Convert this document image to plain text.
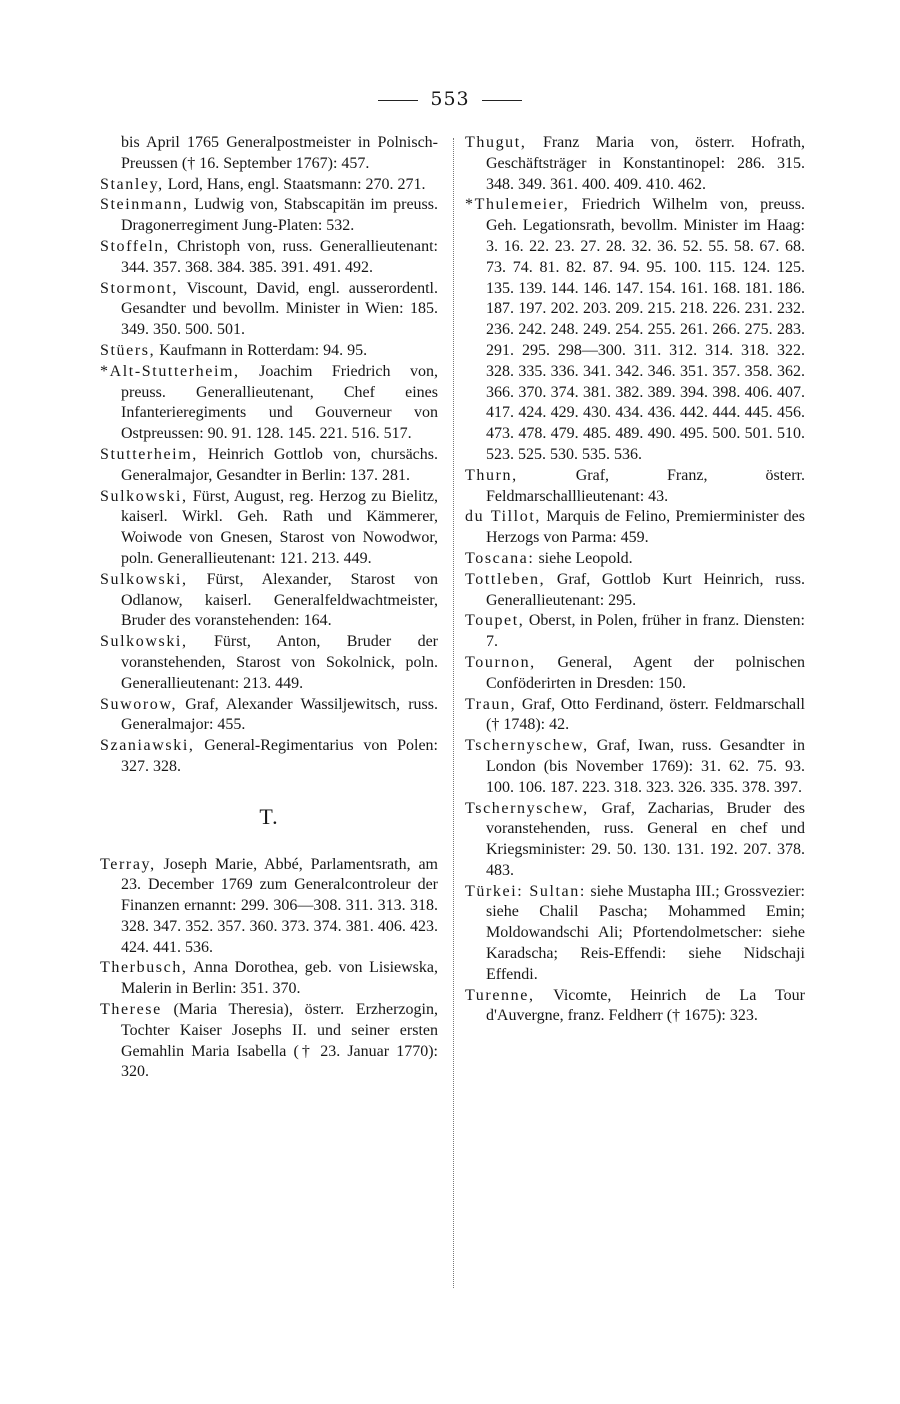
553
bis April 1765 Generalpostmeister in Polnisch-Preussen († 16. September 1767): 457.
Stanley, Lord, Hans, engl. Staatsmann: 270. 271.
Steinmann, Ludwig von, Stabscapitän im preuss. Dragonerregiment Jung-Platen: 532.
Stoffeln, Christoph von, russ. Generallieutenant: 344. 357. 368. 384. 385. 391. 491. 492.
Stormont, Viscount, David, engl. ausserordentl. Gesandter und bevollm. Minister in Wien: 185. 349. 350. 500. 501.
Stüers, Kaufmann in Rotterdam: 94. 95.
*Alt-Stutterheim, Joachim Friedrich von, preuss. Generallieutenant, Chef eines Infanterieregiments und Gouverneur von Ostpreussen: 90. 91. 128. 145. 221. 516. 517.
Stutterheim, Heinrich Gottlob von, chursächs. Generalmajor, Gesandter in Berlin: 137. 281.
Sulkowski, Fürst, August, reg. Herzog zu Bielitz, kaiserl. Wirkl. Geh. Rath und Kämmerer, Woiwode von Gnesen, Starost von Nowodwor, poln. Generallieutenant: 121. 213. 449.
Sulkowski, Fürst, Alexander, Starost von Odlanow, kaiserl. Generalfeldwachtmeister, Bruder des voranstehenden: 164.
Sulkowski, Fürst, Anton, Bruder der voranstehenden, Starost von Sokolnick, poln. Generallieutenant: 213. 449.
Suworow, Graf, Alexander Wassiljewitsch, russ. Generalmajor: 455.
Szaniawski, General-Regimentarius von Polen: 327. 328.
T.
Terray, Joseph Marie, Abbé, Parlamentsrath, am 23. December 1769 zum Generalcontroleur der Finanzen ernannt: 299. 306—308. 311. 313. 318. 328. 347. 352. 357. 360. 373. 374. 381. 406. 423. 424. 441. 536.
Therbusch, Anna Dorothea, geb. von Lisiewska, Malerin in Berlin: 351. 370.
Therese (Maria Theresia), österr. Erzherzogin, Tochter Kaiser Josephs II. und seiner ersten Gemahlin Maria Isabella († 23. Januar 1770): 320.
Thugut, Franz Maria von, österr. Hofrath, Geschäftsträger in Konstantinopel: 286. 315. 348. 349. 361. 400. 409. 410. 462.
*Thulemeier, Friedrich Wilhelm von, preuss. Geh. Legationsrath, bevollm. Minister im Haag: 3. 16. 22. 23. 27. 28. 32. 36. 52. 55. 58. 67. 68. 73. 74. 81. 82. 87. 94. 95. 100. 115. 124. 125. 135. 139. 144. 146. 147. 154. 161. 168. 181. 186. 187. 197. 202. 203. 209. 215. 218. 226. 231. 232. 236. 242. 248. 249. 254. 255. 261. 266. 275. 283. 291. 295. 298—300. 311. 312. 314. 318. 322. 328. 335. 336. 341. 342. 346. 351. 357. 358. 362. 366. 370. 374. 381. 382. 389. 394. 398. 406. 407. 417. 424. 429. 430. 434. 436. 442. 444. 445. 456. 473. 478. 479. 485. 489. 490. 495. 500. 501. 510. 523. 525. 530. 535. 536.
Thurn, Graf, Franz, österr. Feldmarschalllieutenant: 43.
du Tillot, Marquis de Felino, Premierminister des Herzogs von Parma: 459.
Toscana: siehe Leopold.
Tottleben, Graf, Gottlob Kurt Heinrich, russ. Generallieutenant: 295.
Toupet, Oberst, in Polen, früher in franz. Diensten: 7.
Tournon, General, Agent der polnischen Conföderirten in Dresden: 150.
Traun, Graf, Otto Ferdinand, österr. Feldmarschall († 1748): 42.
Tschernyschew, Graf, Iwan, russ. Gesandter in London (bis November 1769): 31. 62. 75. 93. 100. 106. 187. 223. 318. 323. 326. 335. 378. 397.
Tschernyschew, Graf, Zacharias, Bruder des voranstehenden, russ. General en chef und Kriegsminister: 29. 50. 130. 131. 192. 207. 378. 483.
Türkei: Sultan: siehe Mustapha III.; Grossvezier: siehe Chalil Pascha; Mohammed Emin; Moldowandschi Ali; Pfortendolmetscher: siehe Karadscha; Reis-Effendi: siehe Nidschaji Effendi.
Turenne, Vicomte, Heinrich de La Tour d'Auvergne, franz. Feldherr († 1675): 323.
